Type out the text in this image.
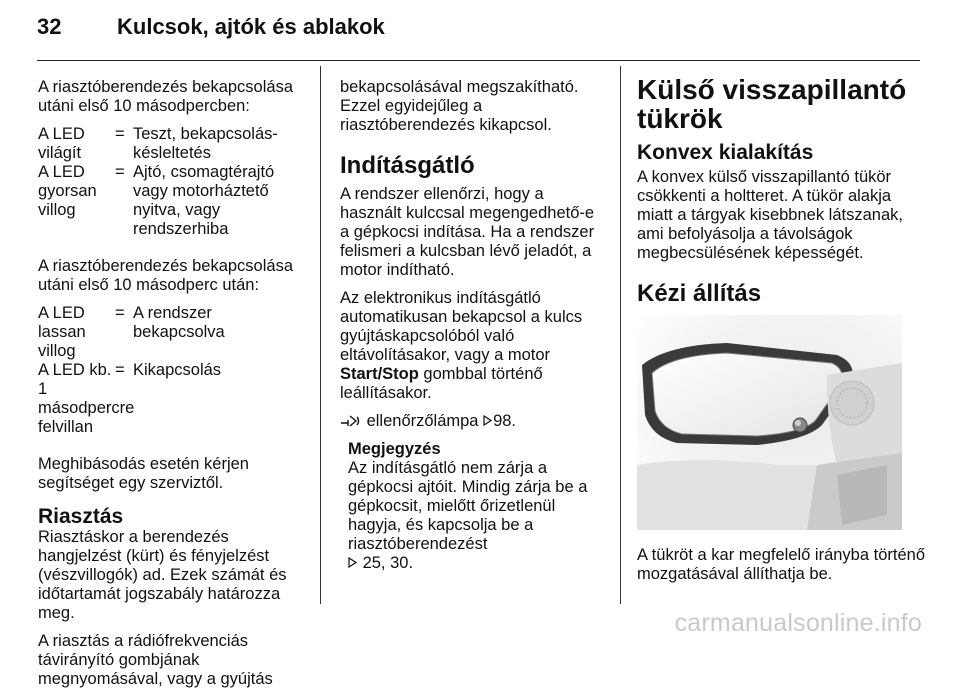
32	Kulcsok, ajtók és ablakok

A riasztóberendezés bekapcsolása utáni első 10 másodpercben:

A LED világít
= Teszt, bekapcsolás-késleltetés
A LED gyorsan villog
= Ajtó, csomagtérajtó vagy motorháztető nyitva, vagy rendszerhiba

A riasztóberendezés bekapcsolása utáni első 10 másodperc után:

A LED lassan villog
= A rendszer bekapcsolva
A LED kb. 1 másodpercre felvillan
= Kikapcsolás

Meghibásodás esetén kérjen segítséget egy szerviztől.

Riasztás

Riasztáskor a berendezés hangjelzést (kürt) és fényjelzést (vészvillogók) ad. Ezek számát és időtartamát jogszabály határozza meg.

A riasztás a rádiófrekvenciás távirányító gombjának megnyomásával, vagy a gyújtás

bekapcsolásával megszakítható. Ezzel egyidejűleg a riasztóberendezés kikapcsol.

Indításgátló

A rendszer ellenőrzi, hogy a használt kulccsal megengedhető-e a gépkocsi indítása. Ha a rendszer felismeri a kulcsban lévő jeladót, a motor indítható.

Az elektronikus indításgátló automatikusan bekapcsol a kulcs gyújtáskapcsolóból való eltávolításakor, vagy a motor Start/Stop gombbal történő leállításakor.

ellenőrzőlámpa 98.

Megjegyzés
Az indításgátló nem zárja a gépkocsi ajtóit. Mindig zárja be a gépkocsit, mielőtt őrizetlenül hagyja, és kapcsolja be a riasztóberendezést
25, 30.
Külső visszapillantó tükrök
Konvex kialakítás

A konvex külső visszapillantó tükör csökkenti a holtteret. A tükör alakja miatt a tárgyak kisebbnek látszanak, ami befolyásolja a távolságok megbecsülésének képességét.

Kézi állítás

A tükröt a kar megfelelő irányba történő mozgatásával állíthatja be.

carmanualsonline.info
